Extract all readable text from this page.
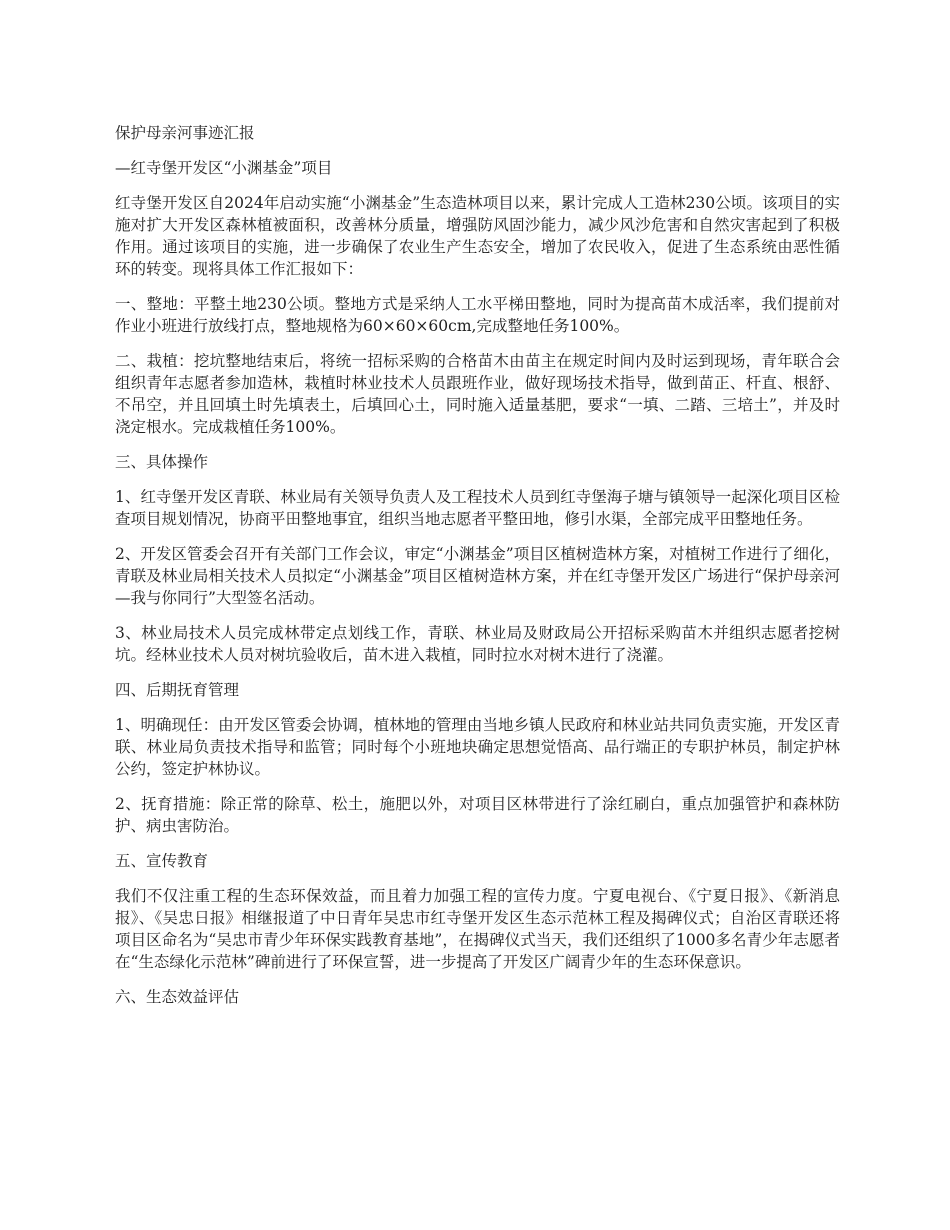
保护母亲河事迹汇报

—红寺堡开发区“小渊基金”项目

红寺堡开发区自2024年启动实施“小渊基金”生态造林项目以来，累计完成人工造林230公顷。该项目的实施对扩大开发区森林植被面积，改善林分质量，增强防风固沙能力，减少风沙危害和自然灾害起到了积极作用。通过该项目的实施，进一步确保了农业生产生态安全，增加了农民收入，促进了生态系统由恶性循环的转变。现将具体工作汇报如下：

一、整地：平整土地230公顷。整地方式是采纳人工水平梯田整地，同时为提高苗木成活率，我们提前对作业小班进行放线打点，整地规格为60×60×60cm,完成整地任务100%。

二、栽植：挖坑整地结束后，将统一招标采购的合格苗木由苗主在规定时间内及时运到现场，青年联合会组织青年志愿者参加造林，栽植时林业技术人员跟班作业，做好现场技术指导，做到苗正、杆直、根舒、不吊空，并且回填土时先填表土，后填回心土，同时施入适量基肥，要求“一填、二踏、三培土”，并及时浇定根水。完成栽植任务100%。

三、具体操作

1、红寺堡开发区青联、林业局有关领导负责人及工程技术人员到红寺堡海子塘与镇领导一起深化项目区检查项目规划情况，协商平田整地事宜，组织当地志愿者平整田地，修引水渠，全部完成平田整地任务。

2、开发区管委会召开有关部门工作会议，审定“小渊基金”项目区植树造林方案，对植树工作进行了细化，青联及林业局相关技术人员拟定“小渊基金”项目区植树造林方案，并在红寺堡开发区广场进行“保护母亲河—我与你同行”大型签名活动。

3、林业局技术人员完成林带定点划线工作，青联、林业局及财政局公开招标采购苗木并组织志愿者挖树坑。经林业技术人员对树坑验收后，苗木进入栽植，同时拉水对树木进行了浇灌。

四、后期抚育管理

1、明确现任：由开发区管委会协调，植林地的管理由当地乡镇人民政府和林业站共同负责实施，开发区青联、林业局负责技术指导和监管；同时每个小班地块确定思想觉悟高、品行端正的专职护林员，制定护林公约，签定护林协议。

2、抚育措施：除正常的除草、松土，施肥以外，对项目区林带进行了涂红刷白，重点加强管护和森林防护、病虫害防治。

五、宣传教育

我们不仅注重工程的生态环保效益，而且着力加强工程的宣传力度。宁夏电视台、《宁夏日报》、《新消息报》、《吴忠日报》相继报道了中日青年吴忠市红寺堡开发区生态示范林工程及揭碑仪式；自治区青联还将项目区命名为“吴忠市青少年环保实践教育基地”，在揭碑仪式当天，我们还组织了1000多名青少年志愿者在“生态绿化示范林”碑前进行了环保宣誓，进一步提高了开发区广阔青少年的生态环保意识。

六、生态效益评估
